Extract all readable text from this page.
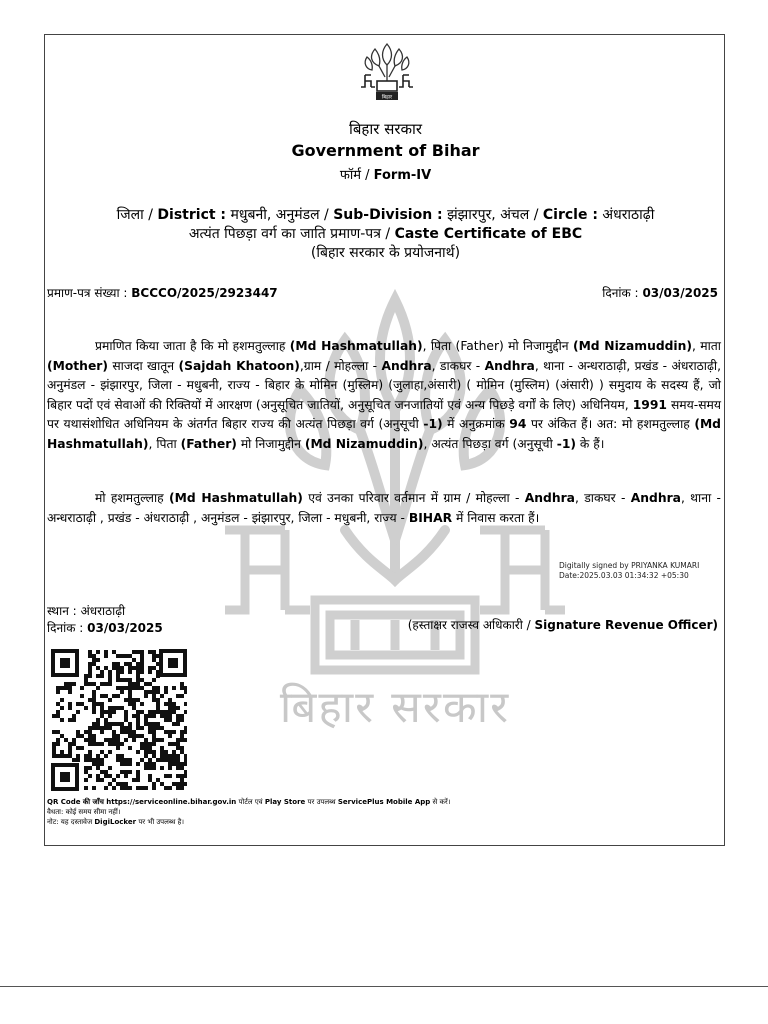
बिहार सरकार
बिहार
बिहार सरकार
Government of Bihar
फॉर्म / Form-IV
जिला / District : मधुबनी, अनुमंडल / Sub-Division : झंझारपुर, अंचल / Circle : अंधराठाढ़ी
अत्यंत पिछड़ा वर्ग का जाति प्रमाण-पत्र / Caste Certificate of EBC
(बिहार सरकार के प्रयोजनार्थ)
प्रमाण-पत्र संख्या : BCCCO/2025/2923447	दिनांक : 03/03/2025
प्रमाणित किया जाता है कि मो हशमतुल्लाह (Md Hashmatullah), पिता (Father) मो निजामुद्दीन (Md Nizamuddin), माता (Mother) साजदा खातून (Sajdah Khatoon),ग्राम / मोहल्ला - Andhra, डाकघर - Andhra, थाना - अन्धराठाढ़ी, प्रखंड - अंधराठाढ़ी, अनुमंडल - झंझारपुर, जिला - मधुबनी, राज्य - बिहार के मोमिन (मुस्लिम) (जुलाहा,अंसारी) ( मोमिन (मुस्लिम) (अंसारी) ) समुदाय के सदस्य हैं, जो बिहार पदों एवं सेवाओं की रिक्तियों में आरक्षण (अनुसूचित जातियों, अनुसूचित जनजातियों एवं अन्य पिछड़े वर्गों के लिए) अधिनियम, 1991 समय-समय पर यथासंशोधित अधिनियम के अंतर्गत बिहार राज्य की अत्यंत पिछड़ा वर्ग (अनुसूची -1) में अनुक्रमांक 94 पर अंकित हैं। अत: मो हशमतुल्लाह (Md Hashmatullah), पिता (Father) मो निजामुद्दीन (Md Nizamuddin), अत्यंत पिछड़ा वर्ग (अनुसूची -1) के हैं।
मो हशमतुल्लाह (Md Hashmatullah) एवं उनका परिवार वर्तमान में ग्राम / मोहल्ला - Andhra, डाकघर - Andhra, थाना - अन्धराठाढ़ी , प्रखंड - अंधराठाढ़ी , अनुमंडल - झंझारपुर, जिला - मधुबनी, राज्य - BIHAR में निवास करता हैं।
Digitally signed by PRIYANKA KUMARI
Date:2025.03.03 01:34:32 +05:30
स्थान : अंधराठाढ़ी
दिनांक : 03/03/2025	(हस्ताक्षर राजस्व अधिकारी / Signature Revenue Officer)
QR Code की जाँच https://serviceonline.bihar.gov.in पोर्टल एवं Play Store पर उपलब्ध ServicePlus Mobile App से करें।
वैधता: कोई समय सीमा नहीं।
नोट: यह दस्तावेज DigiLocker पर भी उपलब्ध है।
